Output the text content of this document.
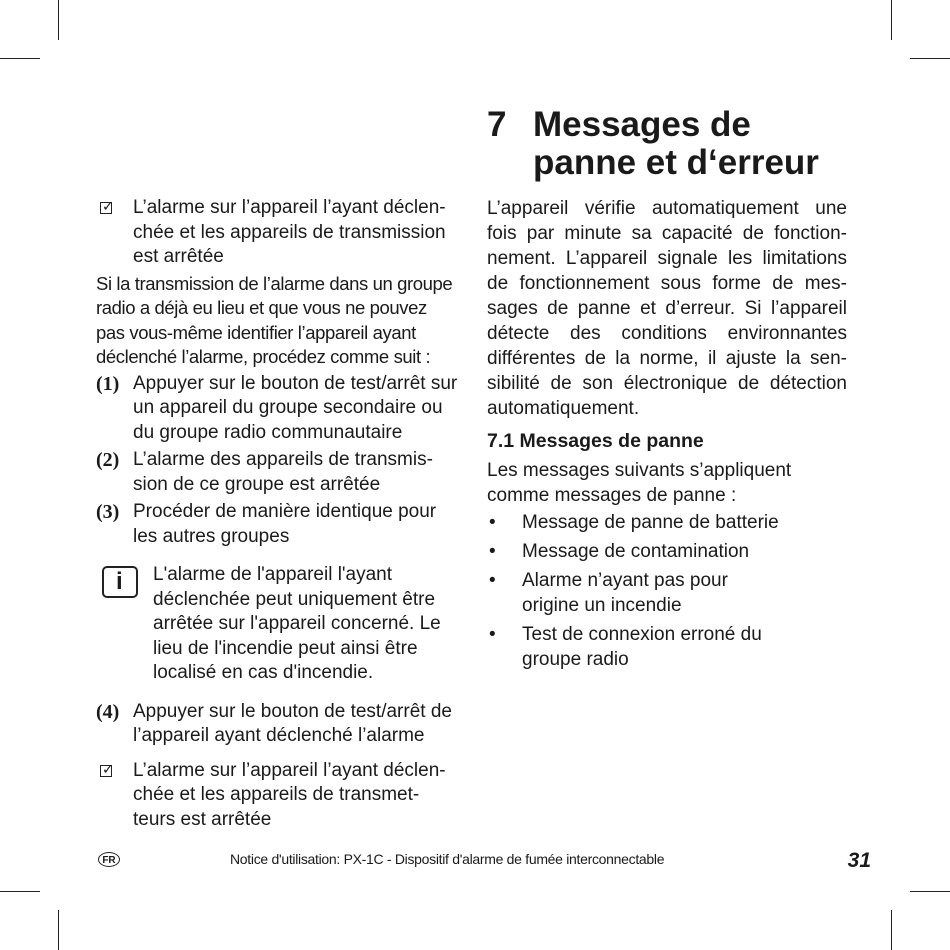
✓ L’alarme sur l’appareil l’ayant déclen-chée et les appareils de transmission est arrêtée

Si la transmission de l’alarme dans un groupe radio a déjà eu lieu et que vous ne pouvez pas vous-même identifier l’appareil ayant déclenché l’alarme, procédez comme suit :

(1) Appuyer sur le bouton de test/arrêt sur un appareil du groupe secondaire ou du groupe radio communautaire
(2) L’alarme des appareils de transmis-sion de ce groupe est arrêtée
(3) Procéder de manière identique pour les autres groupes
i L'alarme de l'appareil l'ayant déclenchée peut uniquement être arrêtée sur l'appareil concerné. Le lieu de l'incendie peut ainsi être localisé en cas d'incendie.
(4) Appuyer sur le bouton de test/arrêt de l’appareil ayant déclenché l’alarme
✓ L’alarme sur l’appareil l’ayant déclen-chée et les appareils de transmet-teurs est arrêtée
7 Messages de panne et d‘erreur

L’appareil vérifie automatiquement une fois par minute sa capacité de fonction-nement. L’appareil signale les limitations de fonctionnement sous forme de mes-sages de panne et d’erreur. Si l’appareil détecte des conditions environnantes différentes de la norme, il ajuste la sen-sibilité de son électronique de détection automatiquement.

7.1 Messages de panne

Les messages suivants s’appliquent comme messages de panne :

• Message de panne de batterie
• Message de contamination
• Alarme n’ayant pas pour origine un incendie
• Test de connexion erroné du groupe radio
FR	Notice d'utilisation: PX-1C - Dispositif d'alarme de fumée interconnectable	31
